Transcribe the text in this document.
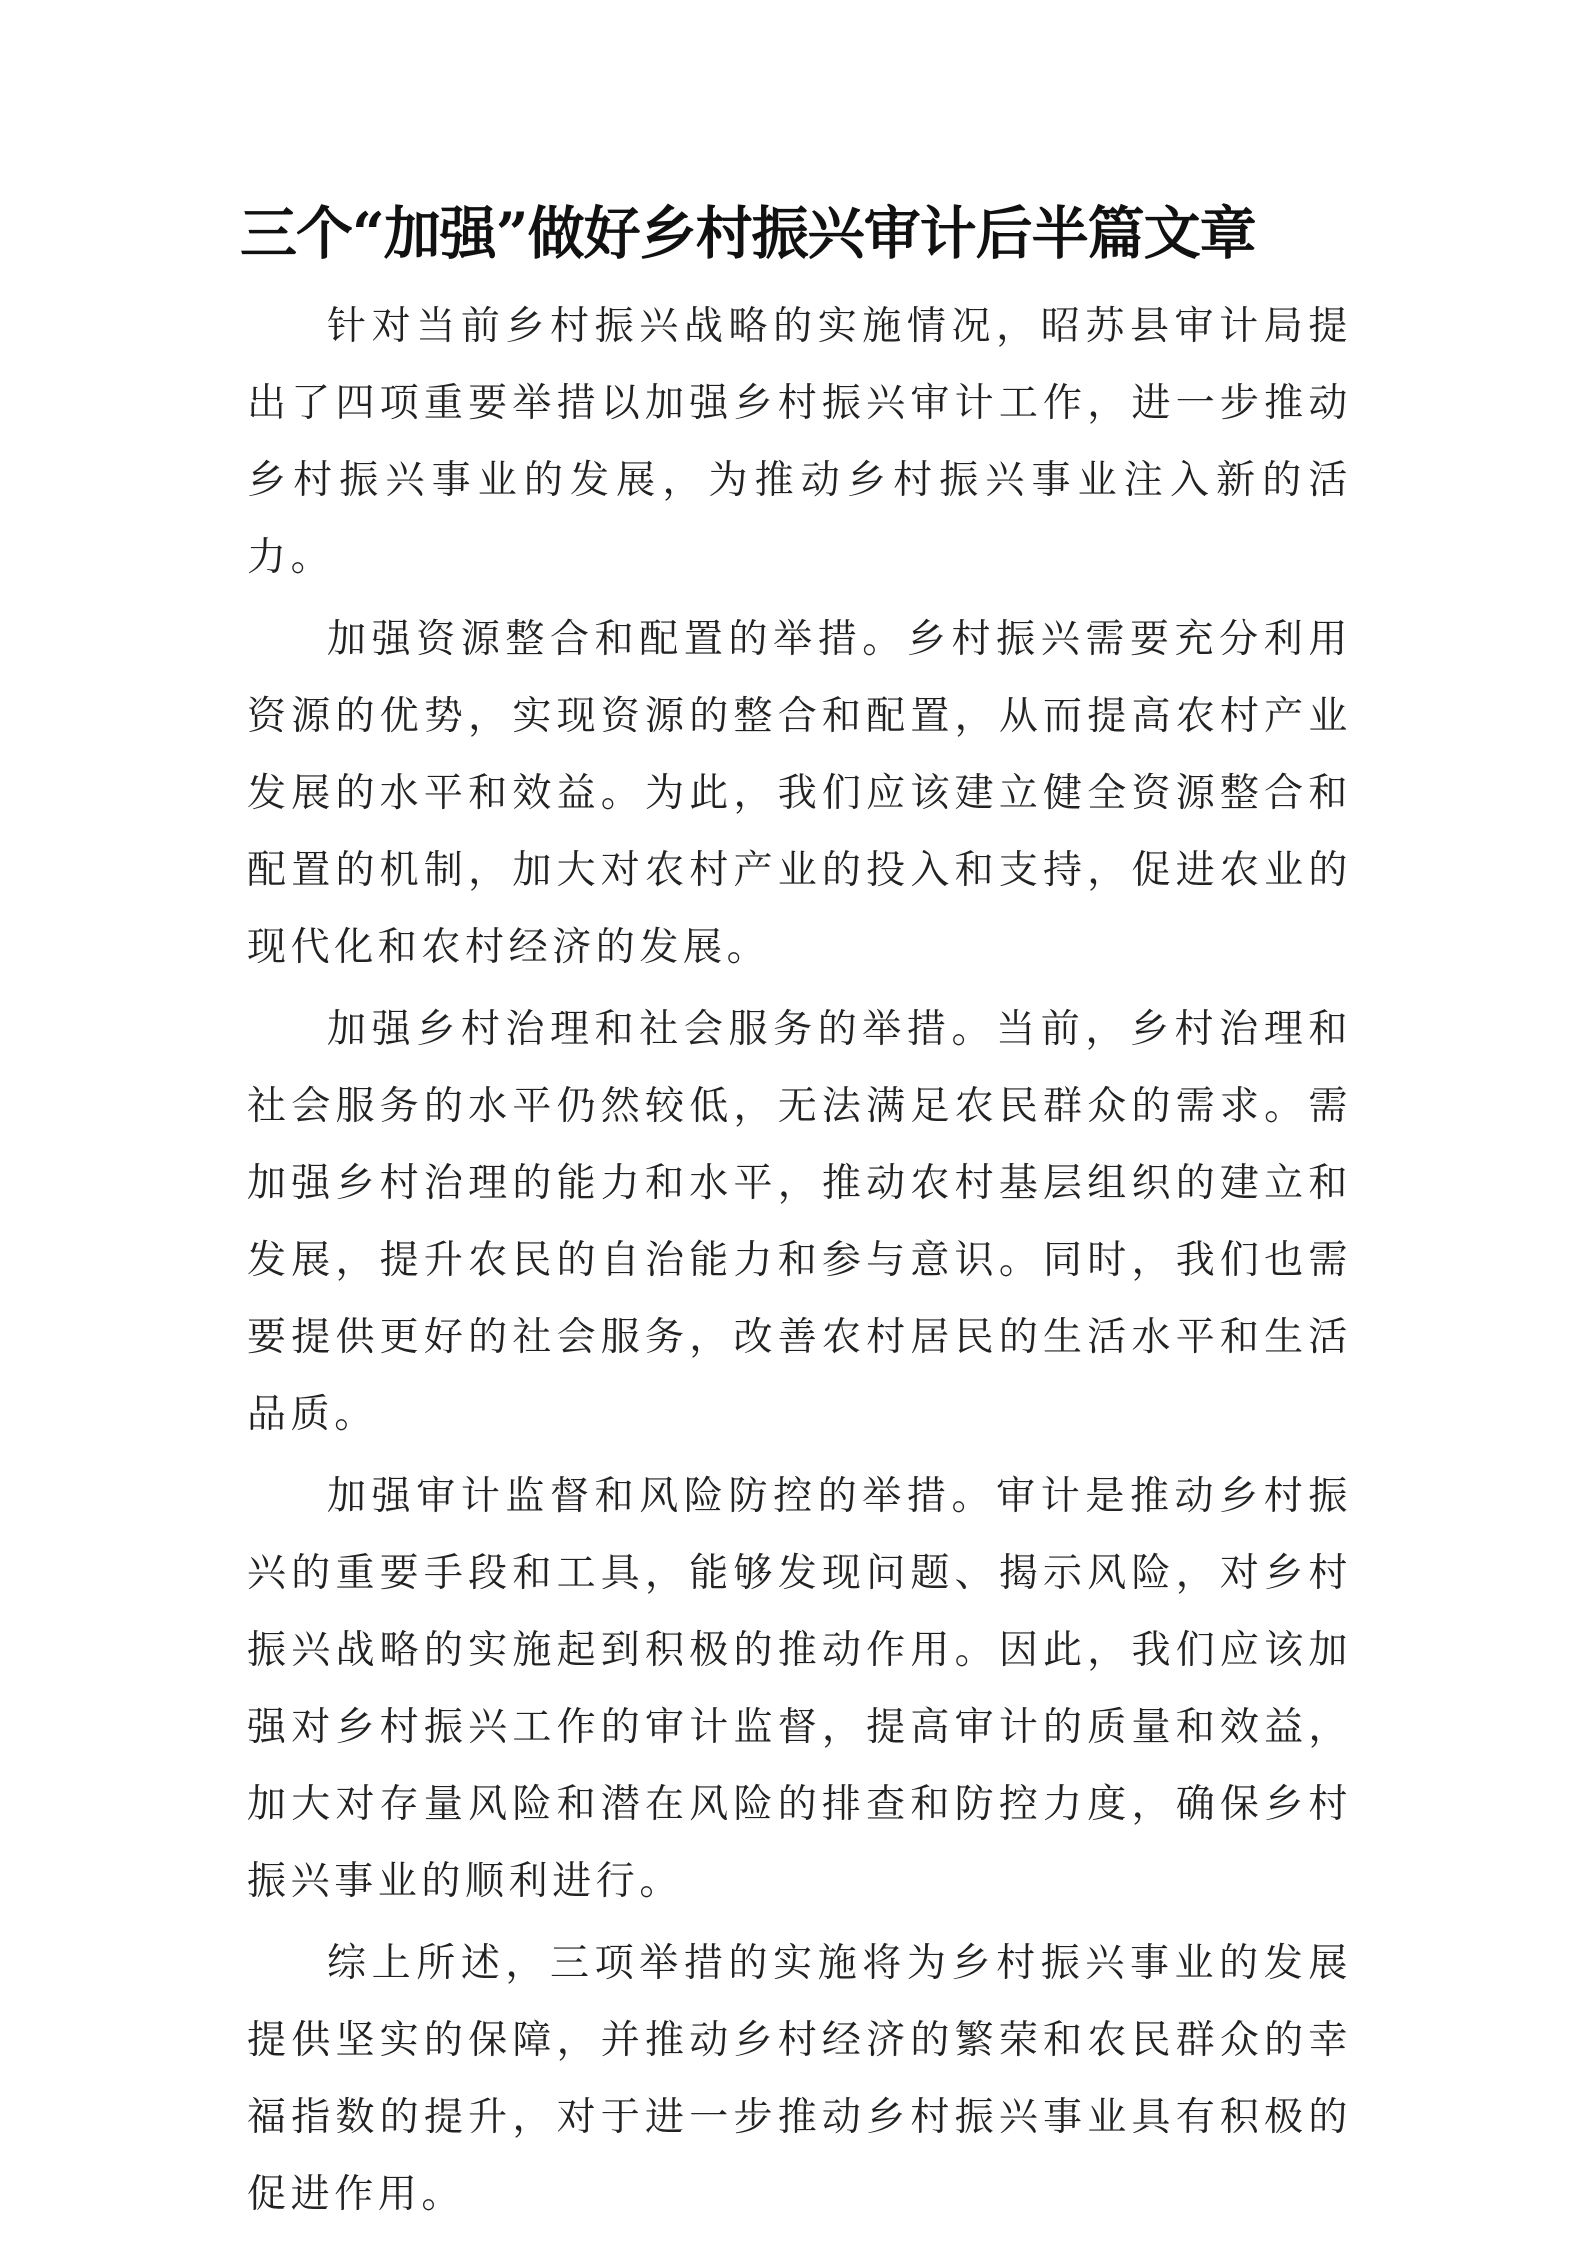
三个“加强”做好乡村振兴审计后半篇文章

针对当前乡村振兴战略的实施情况，昭苏县审计局提出了四项重要举措以加强乡村振兴审计工作，进一步推动乡村振兴事业的发展，为推动乡村振兴事业注入新的活力。

加强资源整合和配置的举措。乡村振兴需要充分利用资源的优势，实现资源的整合和配置，从而提高农村产业发展的水平和效益。为此，我们应该建立健全资源整合和配置的机制，加大对农村产业的投入和支持，促进农业的现代化和农村经济的发展。

加强乡村治理和社会服务的举措。当前，乡村治理和社会服务的水平仍然较低，无法满足农民群众的需求。需加强乡村治理的能力和水平，推动农村基层组织的建立和发展，提升农民的自治能力和参与意识。同时，我们也需要提供更好的社会服务，改善农村居民的生活水平和生活品质。

加强审计监督和风险防控的举措。审计是推动乡村振兴的重要手段和工具，能够发现问题、揭示风险，对乡村振兴战略的实施起到积极的推动作用。因此，我们应该加强对乡村振兴工作的审计监督，提高审计的质量和效益，加大对存量风险和潜在风险的排查和防控力度，确保乡村振兴事业的顺利进行。

综上所述，三项举措的实施将为乡村振兴事业的发展提供坚实的保障，并推动乡村经济的繁荣和农民群众的幸福指数的提升，对于进一步推动乡村振兴事业具有积极的促进作用。
